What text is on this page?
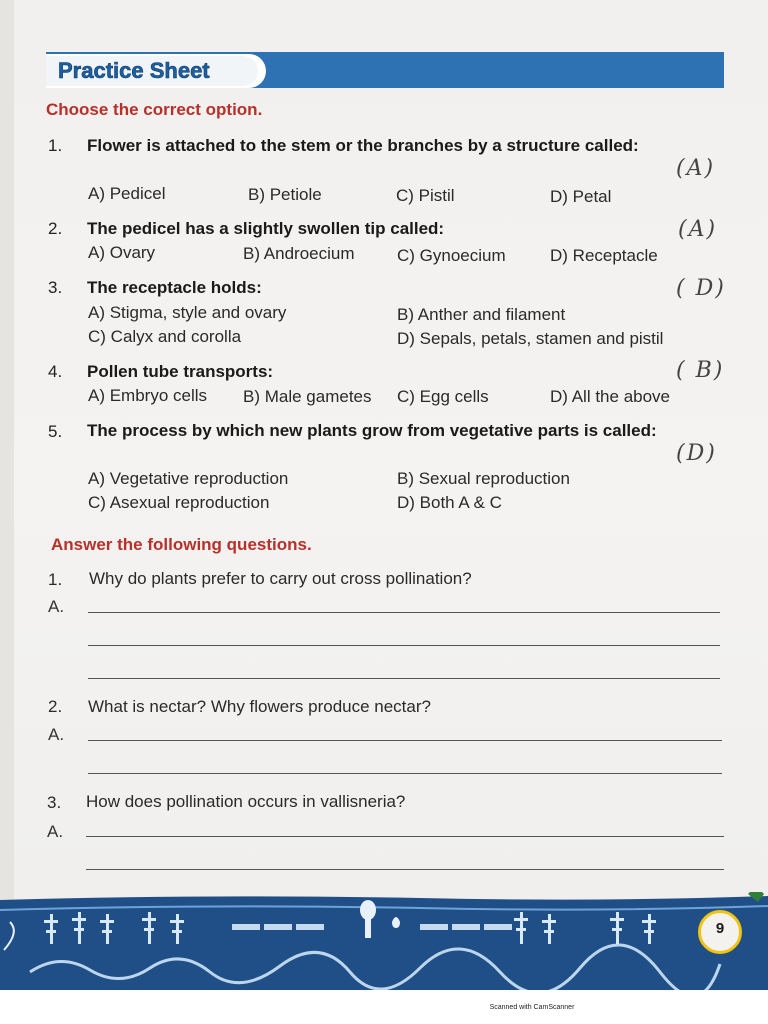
Practice Sheet
Choose the correct option.
1. Flower is attached to the stem or the branches by a structure called:
(A)
A) Pedicel	B) Petiole	C) Pistil	D) Petal
2. The pedicel has a slightly swollen tip called:	(A)
A) Ovary	B) Androecium	C) Gynoecium	D) Receptacle
3. The receptacle holds:	( D)
A) Stigma, style and ovary	B) Anther and filament
C) Calyx and corolla	D) Sepals, petals, stamen and pistil
4. Pollen tube transports:	( B)
A) Embryo cells B) Male gametes C) Egg cells	D) All the above
5. The process by which new plants grow from vegetative parts is called:
(D)
A) Vegetative reproduction	B) Sexual reproduction
C) Asexual reproduction	D) Both A & C
Answer the following questions.
1. Why do plants prefer to carry out cross pollination?
A.
2. What is nectar? Why flowers produce nectar?
A.
3. How does pollination occurs in vallisneria?
A.
9
Scanned with CamScanner
